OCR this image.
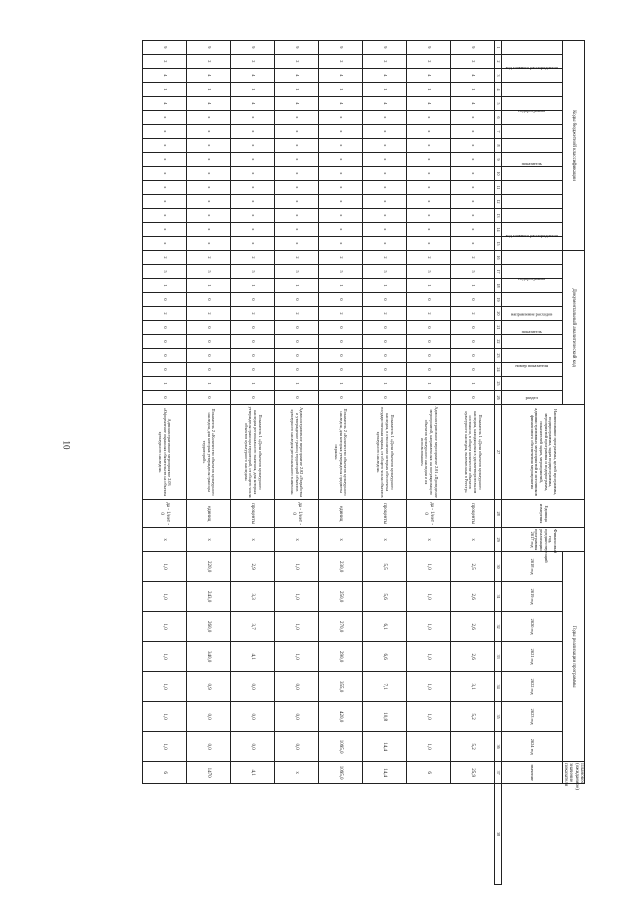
10
Коды бюджетной классификации															Документальный аналитический код											Наименование программы, целей программы, подпрограммы, задач подпрограммы, мероприятий программы и подпрограмм, показателей задач, мероприятий, административных мероприятий и источников финансового обеспечения мероприятия	Единица измерения	Финансовый год, предшествующий реализации программы 2017 год	Годы реализации программы							Плановое (ожидаемое) значение показателя	
код главного распорядителя				подпрограмма				показатель				код главного распорядителя				подпрограмма		направление расходов		показатель		номер показателя			раздел				2018 год	2019 год	2020 год	2021 год	2022 год	2023 год	2024 год	значение	
1	2	3	4	5	6	7	8	9	10	11	12	13	14	15	16	17	18	19	20	21	22	23	24	25	26	27	28	29	30	31	32	33	34	35	36	37	38
9	2	4	1	4	x	x	x	x	x	x	x	x	x	x	2	5	1	0	2	0	0	0	0	1	0	Показатель 1 «Доля объектов культурного наследия, находящихся в удовлетворительном состоянии, в общем количестве объектов культурного наследия, включенных в Реестр»	проценты	x	2,5	2,6	2,6	2,6	3,1	5,2	5,2	25,9	
9	2	4	1	4	x	x	x	x	x	x	x	x	x	x	2	5	1	0	2	0	0	0	0	1	0	Административное мероприятие 2.01 «Проведение мероприятий, направленных на популяризацию объектов культурного наследия и их использование»	да - 1/нет - 0	x	1,0	1,0	1,0	1,0	1,0	1,0	1,0	6	
9	2	4	1	4	x	x	x	x	x	x	x	x	x	x	2	5	1	0	2	0	0	0	0	1	0	Показатель 1 «Доля объектов культурного наследия, в отношении которых обеспечена государственная охрана, от общего числа объектов культурного наследия»	проценты	x	5,5	5,6	6,1	6,6	7,1	10,8	14,4	14,4	
9	2	4	1	4	x	x	x	x	x	x	x	x	x	x	2	5	1	0	2	0	0	0	0	1	0	Показатель 2 «Количество объектов культурного наследия, для которых утверждены предметы охраны»	единиц	x	230,0	250,0	270,0	290,0	355,0	420,0	1095,0	1095,0	
9	2	4	1	4	x	x	x	x	x	x	x	x	x	x	2	5	1	0	2	0	0	0	0	1	0	Административное мероприятие 2.02 «Разработка и утверждение границ территорий объектов культурного наследия регионального значения»	да - 1/нет - 0	x	1,0	1,0	1,0	1,0	0,0	0,0	0,0	x	
9	2	4	1	4	x	x	x	x	x	x	x	x	x	x	2	5	1	0	2	0	0	0	0	1	0	Показатель 1 «Доля объектов культурного наследия регионального значения, для которых утверждены границы территорий, от общего числа объектов культурного наследия»	проценты	x	2,9	3,3	3,7	4,1	0,0	0,0	0,0	4,1	
9	2	4	1	4	x	x	x	x	x	x	x	x	x	x	2	5	1	0	2	0	0	0	0	1	0	Показатель 2 «Количество объектов культурного наследия, для которых утверждены границы территорий»	единиц	x	220,0	243,0	260,0	340,0	0,9	0,0	0,0	1470	
9	2	4	1	4	x	x	x	x	x	x	x	x	x	x	2	5	1	0	2	0	0	0	0	1	0	Административное мероприятие 2.03 «Оформление охранных обязательств на объекты культурного наследия»	да - 1/нет - 0	x	1,0	1,0	1,0	1,0	1,0	1,0	1,0	6	
